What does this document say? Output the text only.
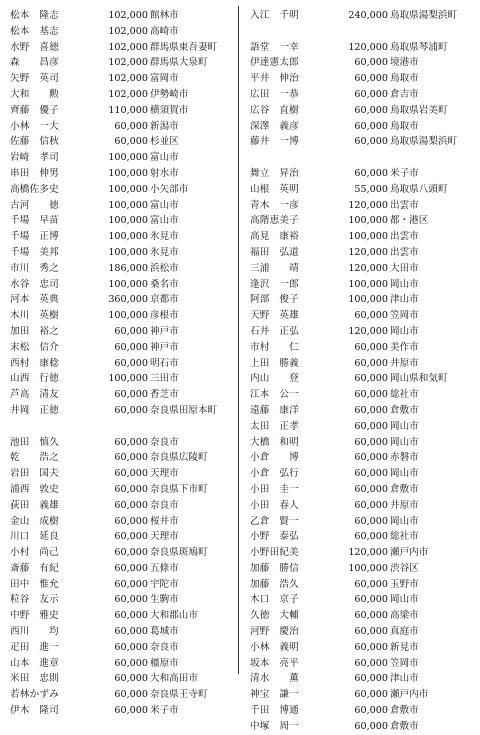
松本　隆志	102,000 館林市
松本　基志	102,000 高崎市
水野　喜徳	102,000 群馬県東吾妻町
森　　昌彦	102,000 群馬県大泉町
矢野　英司	102,000 富岡市
大和　　勲	102,000 伊勢崎市
齊藤　優子	110,000 横須賀市
小林　一大	60,000 新潟市
佐藤　信秋	60,000 杉並区
岩崎　孝司	100,000 富山市
串田　伸男	100,000 射水市
高橋佐多史	100,000 小矢部市
古河　　徳	100,000 富山市
千場　早苗	100,000 富山市
千場　正博	100,000 氷見市
千場　美邦	100,000 氷見市
市川　秀之	186,000 浜松市
水谷　忠司	100,000 桑名市
河本　英典	360,000 京都市
木川　英樹	100,000 彦根市
加田　裕之	60,000 神戸市
末松　信介	60,000 神戸市
西村　康稔	60,000 明石市
山西　行徳	100,000 三田市
芦高　清友	60,000 香芝市
井岡　正徳	60,000 奈良県田原本町
池田　慎久	60,000 奈良市
乾　　浩之	60,000 奈良県広陵町
岩田　国夫	60,000 天理市
浦西　敦史	60,000 奈良県下市町
荻田　義雄	60,000 奈良市
金山　成樹	60,000 桜井市
川口　延良	60,000 天理市
小村　尚己	60,000 奈良県斑鳩町
斎藤　有紀	60,000 五條市
田中　惟允	60,000 宇陀市
粒谷　友示	60,000 生駒市
中野　雅史	60,000 大和郡山市
西川　　均	60,000 葛城市
疋田　進一	60,000 奈良市
山本　進章	60,000 橿原市
米田　忠則	60,000 大和高田市
若林かずみ	60,000 奈良県王寺町
伊木　隆司	60,000 米子市
入江　千明	240,000 鳥取県湯梨浜町
語堂　一幸	120,000 鳥取県琴浦町
伊達憲太郎	60,000 境港市
平井　伸治	60,000 鳥取市
広田　一恭	60,000 倉吉市
広谷　直樹	60,000 鳥取県岩美町
深澤　義彦	60,000 鳥取市
藤井　一博	60,000 鳥取県湯梨浜町
舞立　昇治	60,000 米子市
山根　英明	55,000 鳥取県八頭町
青木　一彦	120,000 出雲市
高階恵美子	100,000 都・港区
高見　康裕	100,000 出雲市
福田　弘道	120,000 出雲市
三浦　　靖	120,000 大田市
逢沢　一郎	100,000 岡山市
阿部　俊子	100,000 津山市
天野　英雄	60,000 笠岡市
石井　正弘	120,000 岡山市
市村　　仁	60,000 美作市
上田　勝義	60,000 井原市
内山　　登	60,000 岡山県和気町
江本　公一	60,000 総社市
遠藤　康洋	60,000 倉敷市
太田　正孝	60,000 岡山市
大橋　和明	60,000 岡山市
小倉　　博	60,000 赤磐市
小倉　弘行	60,000 岡山市
小田　圭一	60,000 倉敷市
小田　春人	60,000 井原市
乙倉　賢一	60,000 岡山市
小野　泰弘	60,000 総社市
小野田紀美	120,000 瀬戸内市
加藤　勝信	100,000 渋谷区
加藤　浩久	60,000 玉野市
木口　京子	60,000 岡山市
久徳　大輔	60,000 高梁市
河野　慶治	60,000 真庭市
小林　義明	60,000 新見市
坂本　亮平	60,000 笠岡市
清水　　薫	60,000 津山市
神宝　謙一	60,000 瀬戸内市
千田　博通	60,000 倉敷市
中塚　周一	60,000 倉敷市
